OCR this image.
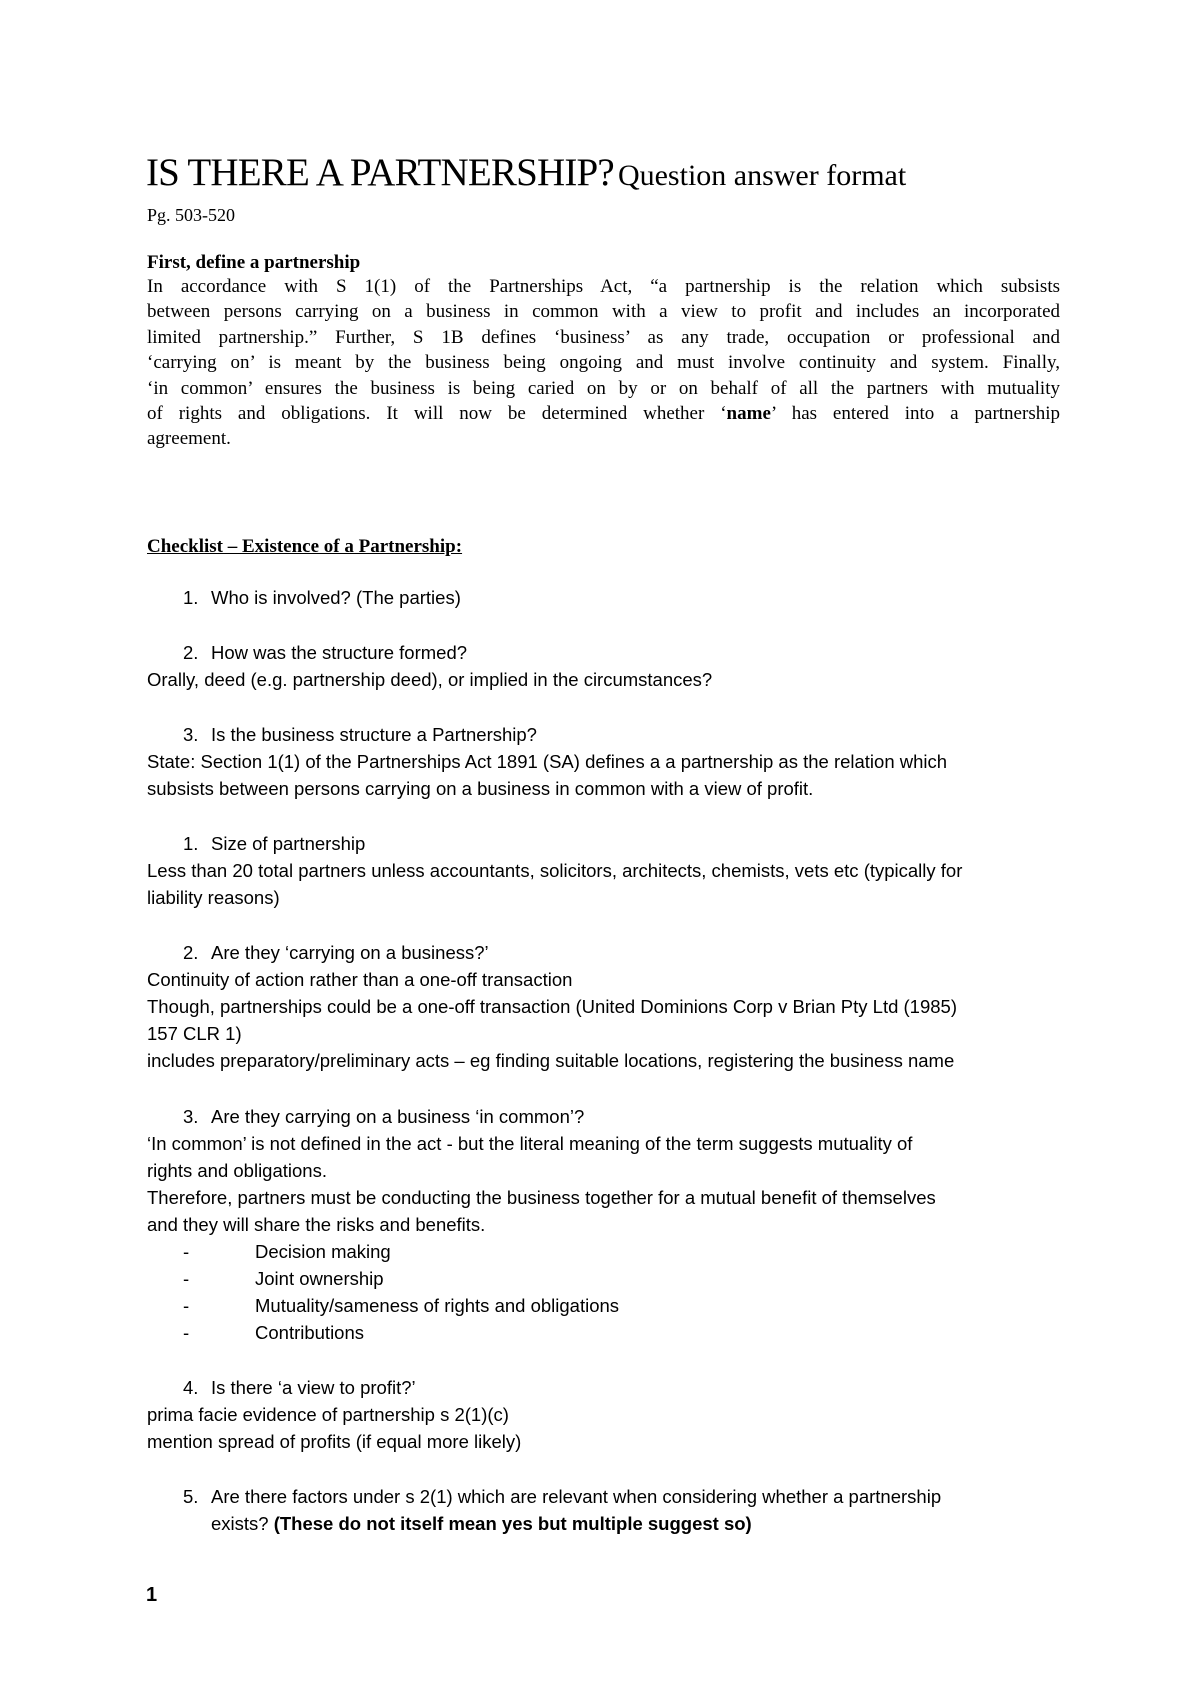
IS THERE A PARTNERSHIP? Question answer format
Pg. 503-520
First, define a partnership
In accordance with S 1(1) of the Partnerships Act, “a partnership is the relation which subsists
between persons carrying on a business in common with a view to profit and includes an incorporated
limited partnership.” Further, S 1B defines ‘business’ as any trade, occupation or professional and
‘carrying on’ is meant by the business being ongoing and must involve continuity and system. Finally,
‘in common’ ensures the business is being caried on by or on behalf of all the partners with mutuality
of rights and obligations. It will now be determined whether ‘name’ has entered into a partnership
agreement.
Checklist – Existence of a Partnership:
1. Who is involved? (The parties)
2. How was the structure formed?
Orally, deed (e.g. partnership deed), or implied in the circumstances?
3. Is the business structure a Partnership?
State: Section 1(1) of the Partnerships Act 1891 (SA) defines a a partnership as the relation which
subsists between persons carrying on a business in common with a view of profit.
1. Size of partnership
Less than 20 total partners unless accountants, solicitors, architects, chemists, vets etc (typically for
liability reasons)
2. Are they ‘carrying on a business?’
Continuity of action rather than a one-off transaction
Though, partnerships could be a one-off transaction (United Dominions Corp v Brian Pty Ltd (1985)
157 CLR 1)
includes preparatory/preliminary acts – eg finding suitable locations, registering the business name
3. Are they carrying on a business ‘in common’?
‘In common’ is not defined in the act - but the literal meaning of the term suggests mutuality of
rights and obligations.
Therefore, partners must be conducting the business together for a mutual benefit of themselves
and they will share the risks and benefits.
-	Decision making
-	Joint ownership
-	Mutuality/sameness of rights and obligations
-	Contributions
4. Is there ‘a view to profit?’
prima facie evidence of partnership s 2(1)(c)
mention spread of profits (if equal more likely)
5. Are there factors under s 2(1) which are relevant when considering whether a partnership
exists? (These do not itself mean yes but multiple suggest so)
1
